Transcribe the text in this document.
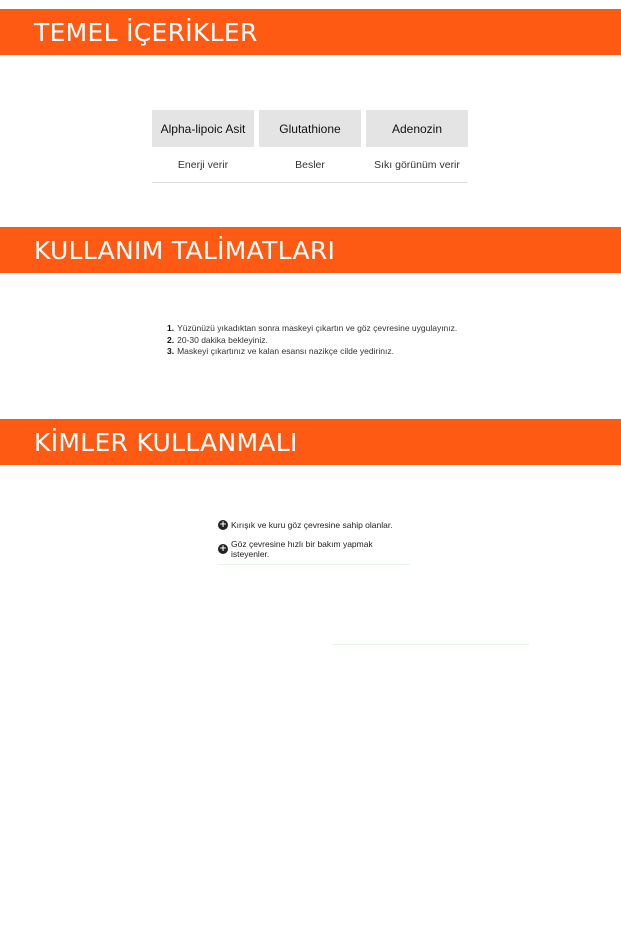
TEMEL İÇERİKLER
Alpha-lipoic Asit	Glutathione	Adenozin
Enerji verir	Besler	Sıkı görünüm verir
KULLANIM TALİMATLARI
1. Yüzünüzü yıkadıktan sonra maskeyi çıkartın ve göz çevresine uygulayınız.
2. 20-30 dakika bekleyiniz.
3. Maskeyi çıkartınız ve kalan esansı nazikçe cilde yedirinız.
KİMLER KULLANMALI
+ Kırışık ve kuru göz çevresine sahip olanlar.
+ Göz çevresine hızlı bir bakım yapmak isteyenler.
